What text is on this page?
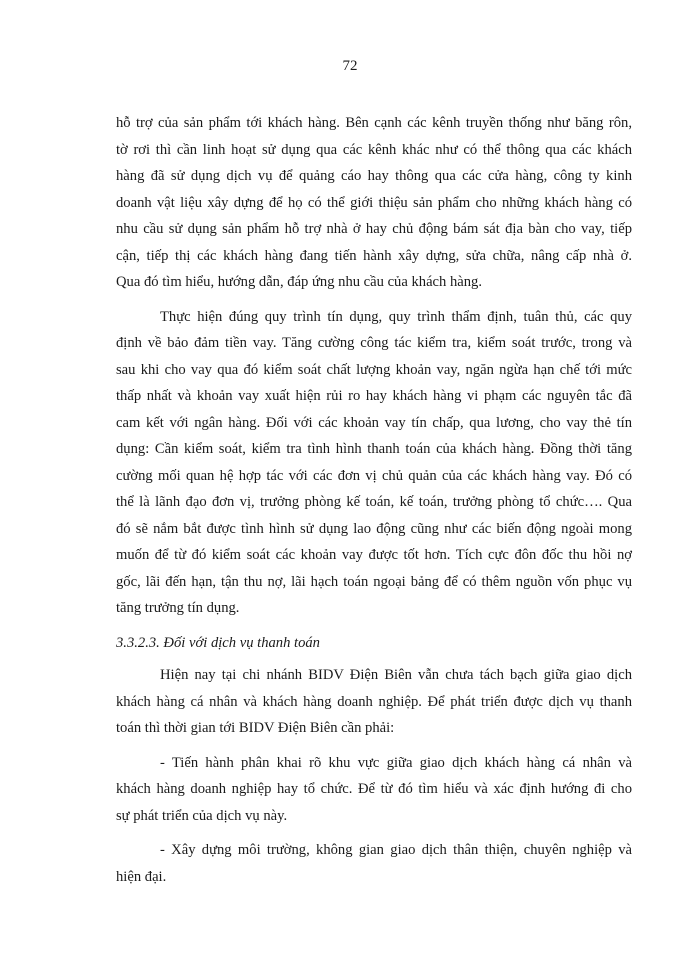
72
hỗ trợ của sản phẩm tới khách hàng. Bên cạnh các kênh truyền thống như băng rôn,
tờ rơi thì cần linh hoạt sử dụng qua các kênh khác như có thể thông qua các khách
hàng đã sử dụng dịch vụ để quảng cáo hay thông qua các cửa hàng, công ty kinh
doanh vật liệu xây dựng để họ có thể giới thiệu sản phẩm cho những khách hàng có
nhu cầu sử dụng sản phẩm hỗ trợ nhà ở hay chủ động bám sát địa bàn cho vay, tiếp
cận, tiếp thị các khách hàng đang tiến hành xây dựng, sửa chữa, nâng cấp nhà ở.
Qua đó tìm hiểu, hướng dẫn, đáp ứng nhu cầu của khách hàng.
Thực hiện đúng quy trình tín dụng, quy trình thẩm định, tuân thủ, các quy
định về bảo đảm tiền vay. Tăng cường công tác kiểm tra, kiểm soát trước, trong và
sau khi cho vay qua đó kiểm soát chất lượng khoản vay, ngăn ngừa hạn chế tới mức
thấp nhất và khoản vay xuất hiện rủi ro hay khách hàng vi phạm các nguyên tắc đã
cam kết với ngân hàng. Đối với các khoản vay tín chấp, qua lương, cho vay thẻ tín
dụng: Cần kiểm soát, kiểm tra tình hình thanh toán của khách hàng. Đồng thời tăng
cường mối quan hệ hợp tác với các đơn vị chủ quản của các khách hàng vay. Đó có
thể là lãnh đạo đơn vị, trưởng phòng kế toán, kế toán, trưởng phòng tổ chức…. Qua
đó sẽ nắm bắt được tình hình sử dụng lao động cũng như các biến động ngoài mong
muốn để từ đó kiểm soát các khoản vay được tốt hơn. Tích cực đôn đốc thu hồi nợ
gốc, lãi đến hạn, tận thu nợ, lãi hạch toán ngoại bảng để có thêm nguồn vốn phục vụ
tăng trưởng tín dụng.
3.3.2.3. Đối với dịch vụ thanh toán
Hiện nay tại chi nhánh BIDV Điện Biên vẫn chưa tách bạch giữa giao dịch
khách hàng cá nhân và khách hàng doanh nghiệp. Để phát triển được dịch vụ thanh
toán thì thời gian tới BIDV Điện Biên cần phải:
- Tiến hành phân khai rõ khu vực giữa giao dịch khách hàng cá nhân và
khách hàng doanh nghiệp hay tổ chức. Để từ đó tìm hiểu và xác định hướng đi cho
sự phát triển của dịch vụ này.
- Xây dựng môi trường, không gian giao dịch thân thiện, chuyên nghiệp và
hiện đại.
